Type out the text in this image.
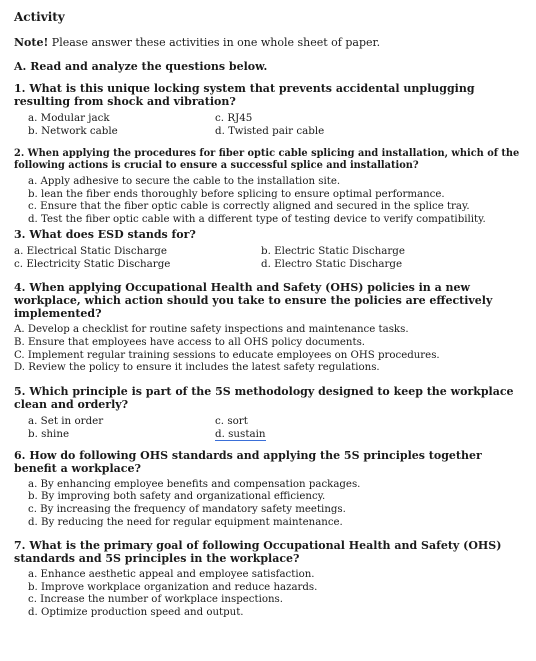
Activity
Note! Please answer these activities in one whole sheet of paper.
A. Read and analyze the questions below.
1. What is this unique locking system that prevents accidental unplugging resulting from shock and vibration?
a. Modular jack	c. RJ45
b. Network cable	d. Twisted pair cable
2. When applying the procedures for fiber optic cable splicing and installation, which of the following actions is crucial to ensure a successful splice and installation?
a. Apply adhesive to secure the cable to the installation site.
b. lean the fiber ends thoroughly before splicing to ensure optimal performance.
c. Ensure that the fiber optic cable is correctly aligned and secured in the splice tray.
d. Test the fiber optic cable with a different type of testing device to verify compatibility.
3. What does ESD stands for?
a. Electrical Static Discharge	b. Electric Static Discharge
c. Electricity Static Discharge	d. Electro Static Discharge
4. When applying Occupational Health and Safety (OHS) policies in a new workplace, which action should you take to ensure the policies are effectively implemented?
A. Develop a checklist for routine safety inspections and maintenance tasks.
B. Ensure that employees have access to all OHS policy documents.
C. Implement regular training sessions to educate employees on OHS procedures.
D. Review the policy to ensure it includes the latest safety regulations.
5. Which principle is part of the 5S methodology designed to keep the workplace clean and orderly?
a. Set in order	c. sort
b. shine	d. sustain
6. How do following OHS standards and applying the 5S principles together benefit a workplace?
a. By enhancing employee benefits and compensation packages.
b. By improving both safety and organizational efficiency.
c. By increasing the frequency of mandatory safety meetings.
d. By reducing the need for regular equipment maintenance.
7. What is the primary goal of following Occupational Health and Safety (OHS) standards and 5S principles in the workplace?
a. Enhance aesthetic appeal and employee satisfaction.
b. Improve workplace organization and reduce hazards.
c. Increase the number of workplace inspections.
d. Optimize production speed and output.
